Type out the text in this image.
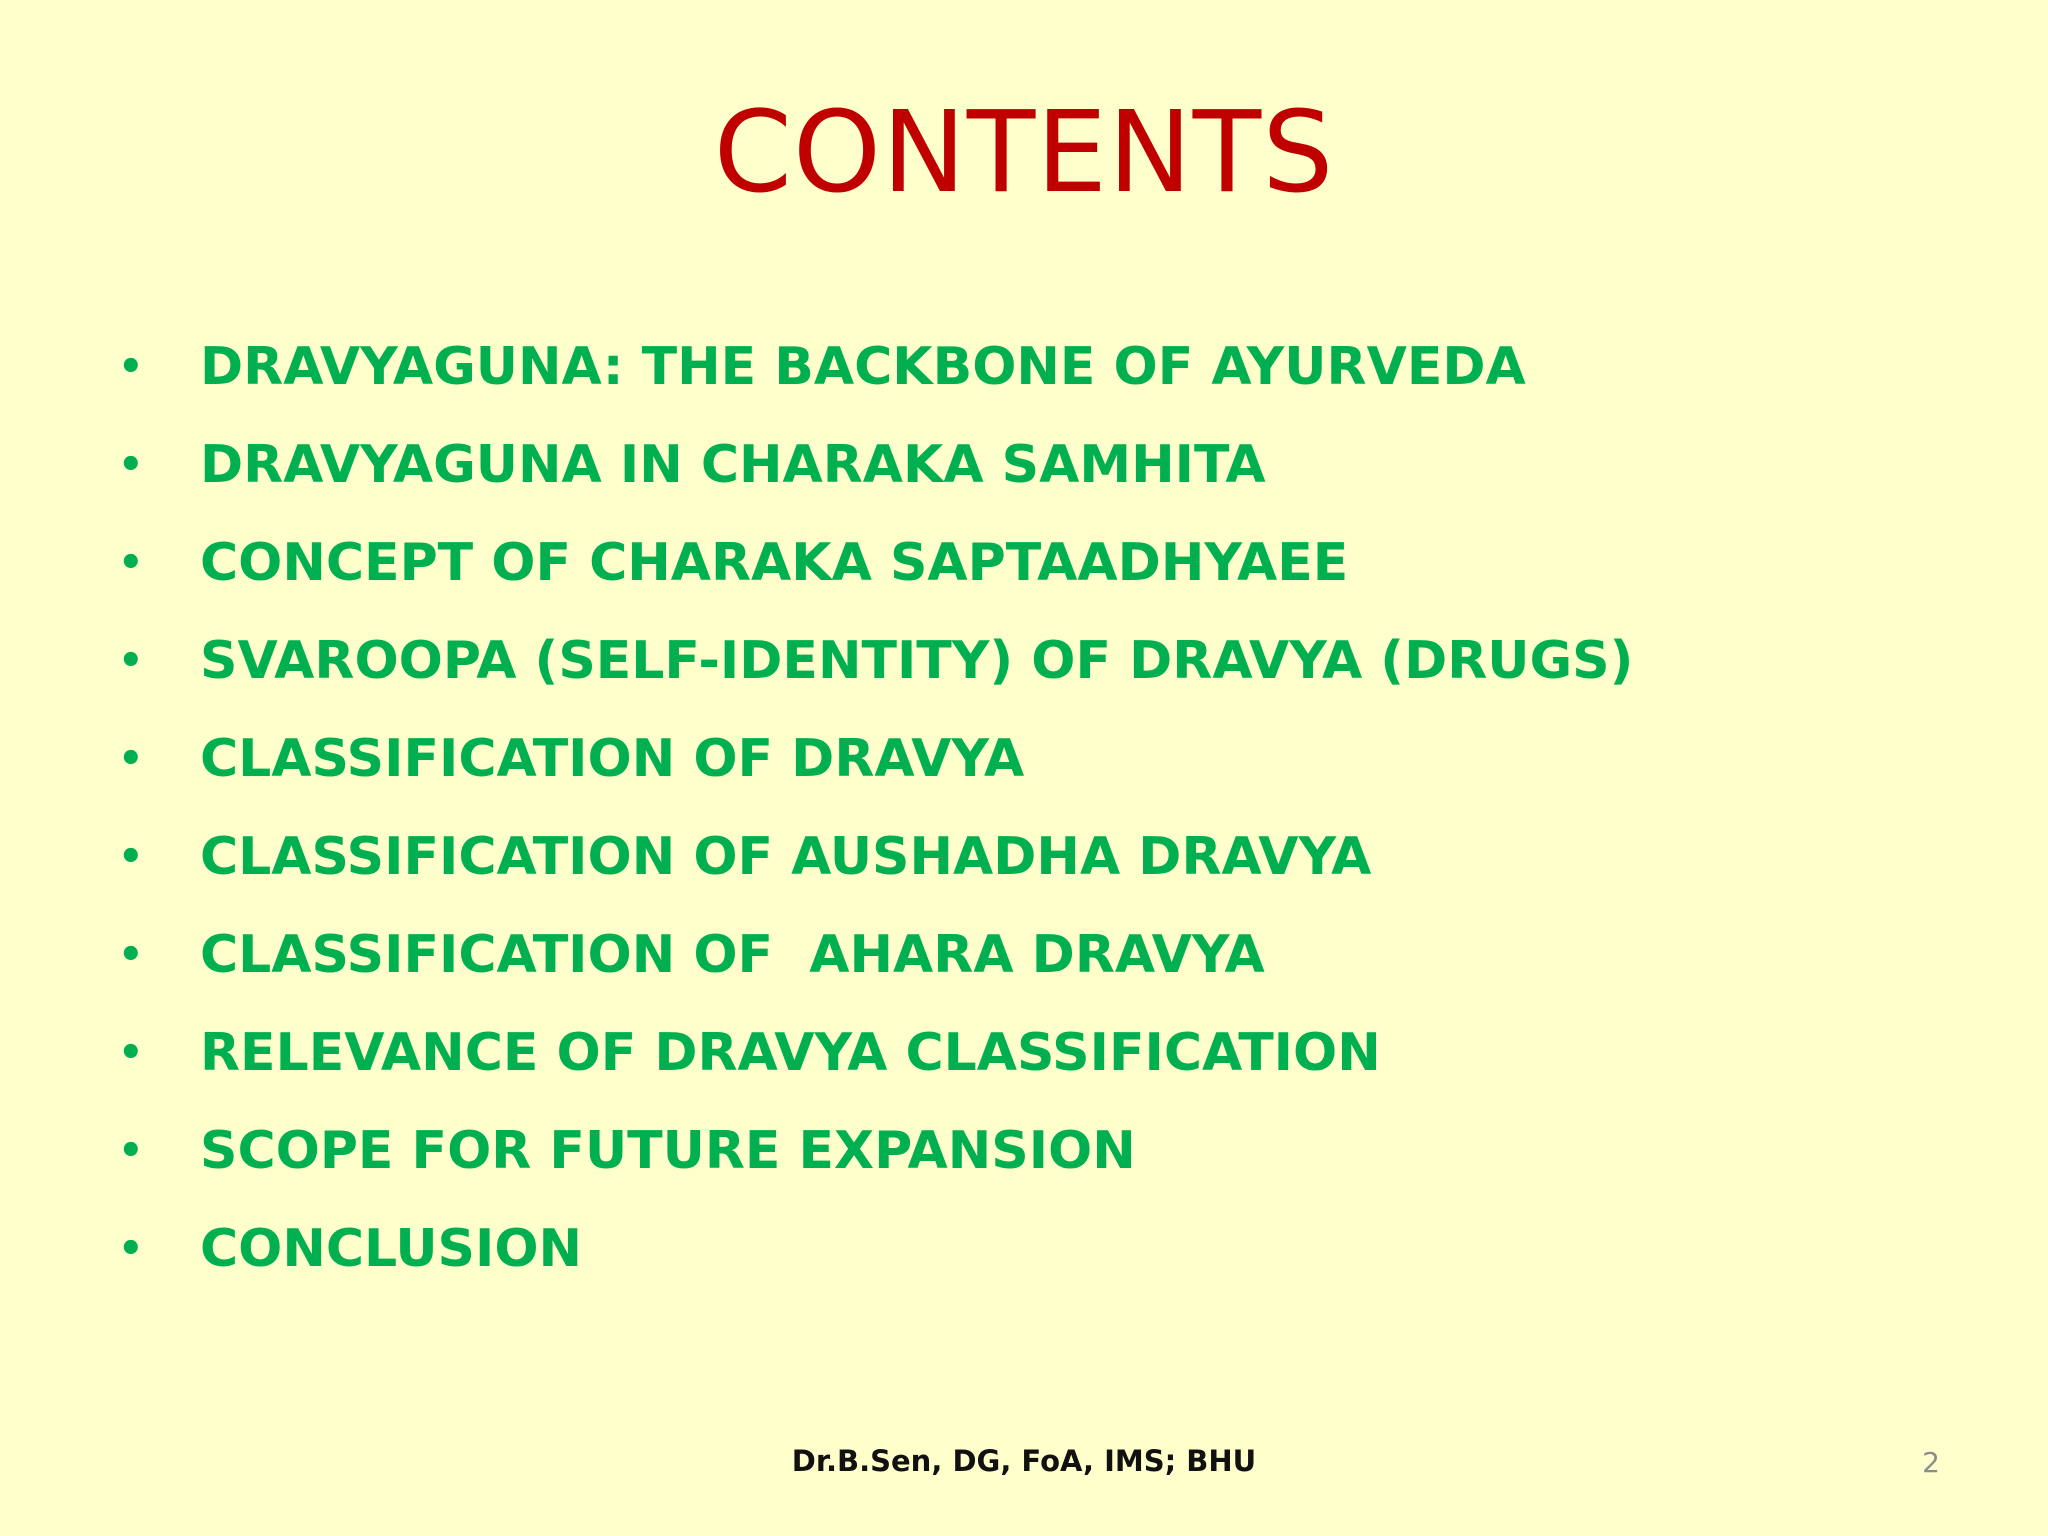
CONTENTS
•	DRAVYAGUNA: THE BACKBONE OF AYURVEDA
•	DRAVYAGUNA IN CHARAKA SAMHITA
•	CONCEPT OF CHARAKA SAPTAADHYAEE
•	SVAROOPA (SELF-IDENTITY) OF DRAVYA (DRUGS)
•	CLASSIFICATION OF DRAVYA
•	CLASSIFICATION OF AUSHADHA DRAVYA
•	CLASSIFICATION OF  AHARA DRAVYA
•	RELEVANCE OF DRAVYA CLASSIFICATION
•	SCOPE FOR FUTURE EXPANSION
•	CONCLUSION
Dr.B.Sen, DG, FoA, IMS; BHU	2
